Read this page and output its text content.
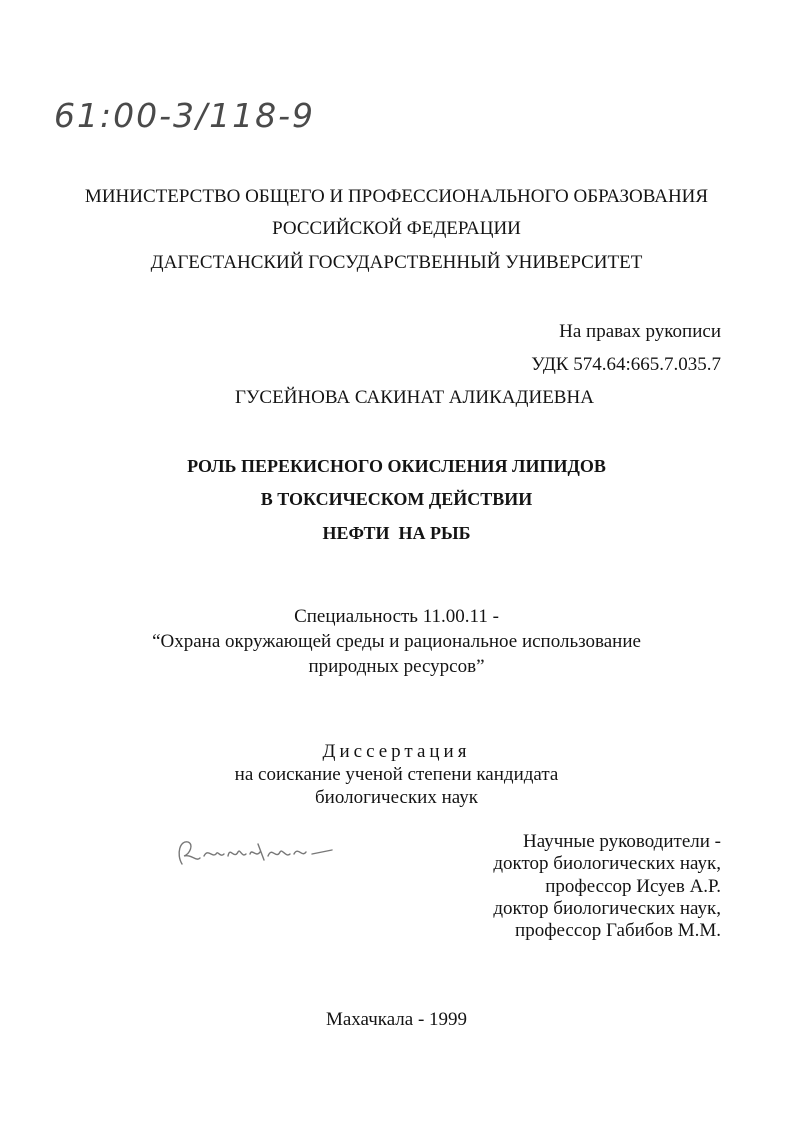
61:00-3/118-9
МИНИСТЕРСТВО ОБЩЕГО И ПРОФЕССИОНАЛЬНОГО ОБРАЗОВАНИЯ
РОССИЙСКОЙ ФЕДЕРАЦИИ
ДАГЕСТАНСКИЙ ГОСУДАРСТВЕННЫЙ УНИВЕРСИТЕТ
На правах рукописи
УДК 574.64:665.7.035.7
ГУСЕЙНОВА САКИНАТ АЛИКАДИЕВНА
РОЛЬ ПЕРЕКИСНОГО ОКИСЛЕНИЯ ЛИПИДОВ
В ТОКСИЧЕСКОМ ДЕЙСТВИИ
НЕФТИ  НА РЫБ
Специальность 11.00.11 -
“Охрана окружающей среды и рациональное использование
природных ресурсов”
Диссертация
на соискание ученой степени кандидата
биологических наук
Научные руководители -
доктор биологических наук,
профессор Исуев А.Р.
доктор биологических наук,
профессор Габибов М.М.
Махачкала - 1999
